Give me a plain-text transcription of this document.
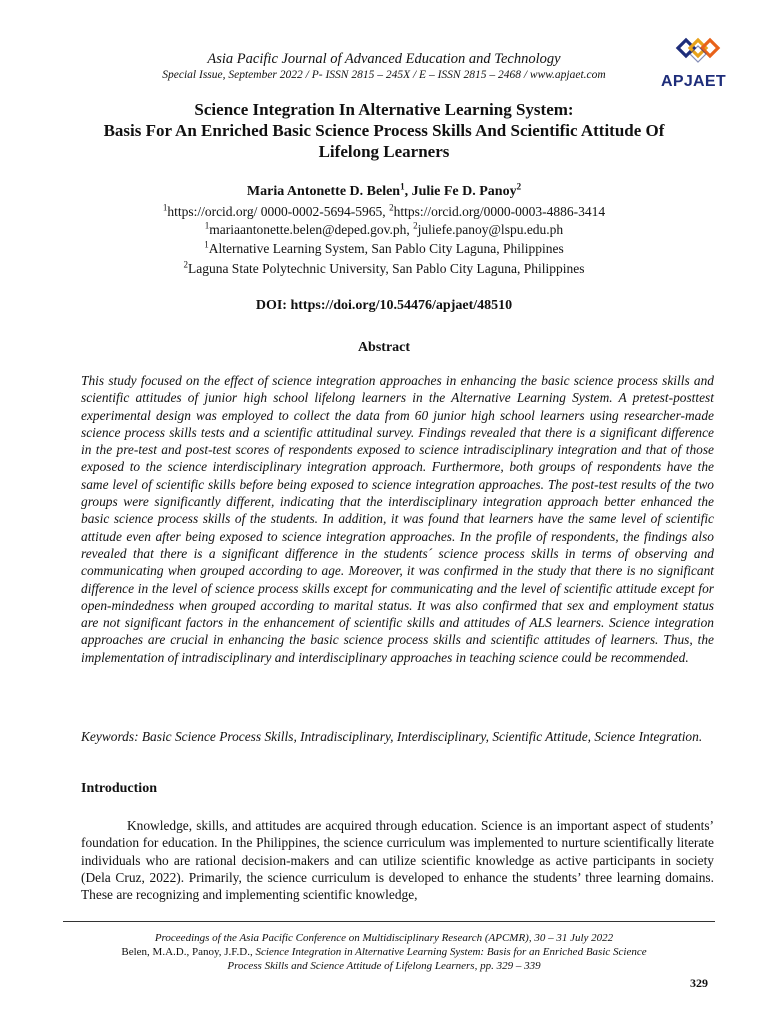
Asia Pacific Journal of Advanced Education and Technology
Special Issue, September 2022 / P- ISSN 2815 – 245X / E – ISSN 2815 – 2468 / www.apjaet.com	APJAET
Science Integration In Alternative Learning System:
Basis For An Enriched Basic Science Process Skills And Scientific Attitude Of
Lifelong Learners
Maria Antonette D. Belen$^1$, Julie Fe D. Panoy$^2$
$^1$https://orcid.org/ 0000-0002-5694-5965, $^2$https://orcid.org/0000-0003-4886-3414
$^1$mariaantonette.belen@deped.gov.ph, $^2$juliefe.panoy@lspu.edu.ph
$^1$Alternative Learning System, San Pablo City Laguna, Philippines
$^2$Laguna State Polytechnic University, San Pablo City Laguna, Philippines
DOI: https://doi.org/10.54476/apjaet/48510
Abstract
This study focused on the effect of science integration approaches in enhancing the basic science process skills and scientific attitudes of junior high school lifelong learners in the Alternative Learning System. A pretest-posttest experimental design was employed to collect the data from 60 junior high school learners using researcher-made science process skills tests and a scientific attitudinal survey. Findings revealed that there is a significant difference in the pre-test and post-test scores of respondents exposed to science intradisciplinary integration and that of those exposed to the science interdisciplinary integration approach. Furthermore, both groups of respondents have the same level of scientific skills before being exposed to science integration approaches. The post-test results of the two groups were significantly different, indicating that the interdisciplinary integration approach better enhanced the basic science process skills of the students. In addition, it was found that learners have the same level of scientific attitude even after being exposed to science integration approaches. In the profile of respondents, the findings also revealed that there is a significant difference in the students´ science process skills in terms of observing and communicating when grouped according to age. Moreover, it was confirmed in the study that there is no significant difference in the level of science process skills except for communicating and the level of scientific attitude except for open-mindedness when grouped according to marital status. It was also confirmed that sex and employment status are not significant factors in the enhancement of scientific skills and attitudes of ALS learners. Science integration approaches are crucial in enhancing the basic science process skills and scientific attitudes of learners. Thus, the implementation of intradisciplinary and interdisciplinary approaches in teaching science could be recommended.
Keywords: Basic Science Process Skills, Intradisciplinary, Interdisciplinary, Scientific Attitude, Science Integration.
Introduction
Knowledge, skills, and attitudes are acquired through education. Science is an important aspect of students’ foundation for education. In the Philippines, the science curriculum was implemented to nurture scientifically literate individuals who are rational decision-makers and can utilize scientific knowledge as active participants in society (Dela Cruz, 2022). Primarily, the science curriculum is developed to enhance the students’ three learning domains. These are recognizing and implementing scientific knowledge,
Proceedings of the Asia Pacific Conference on Multidisciplinary Research (APCMR), 30 – 31 July 2022
Belen, M.A.D., Panoy, J.F.D., Science Integration in Alternative Learning System: Basis for an Enriched Basic Science
Process Skills and Science Attitude of Lifelong Learners, pp. 329 – 339
329
